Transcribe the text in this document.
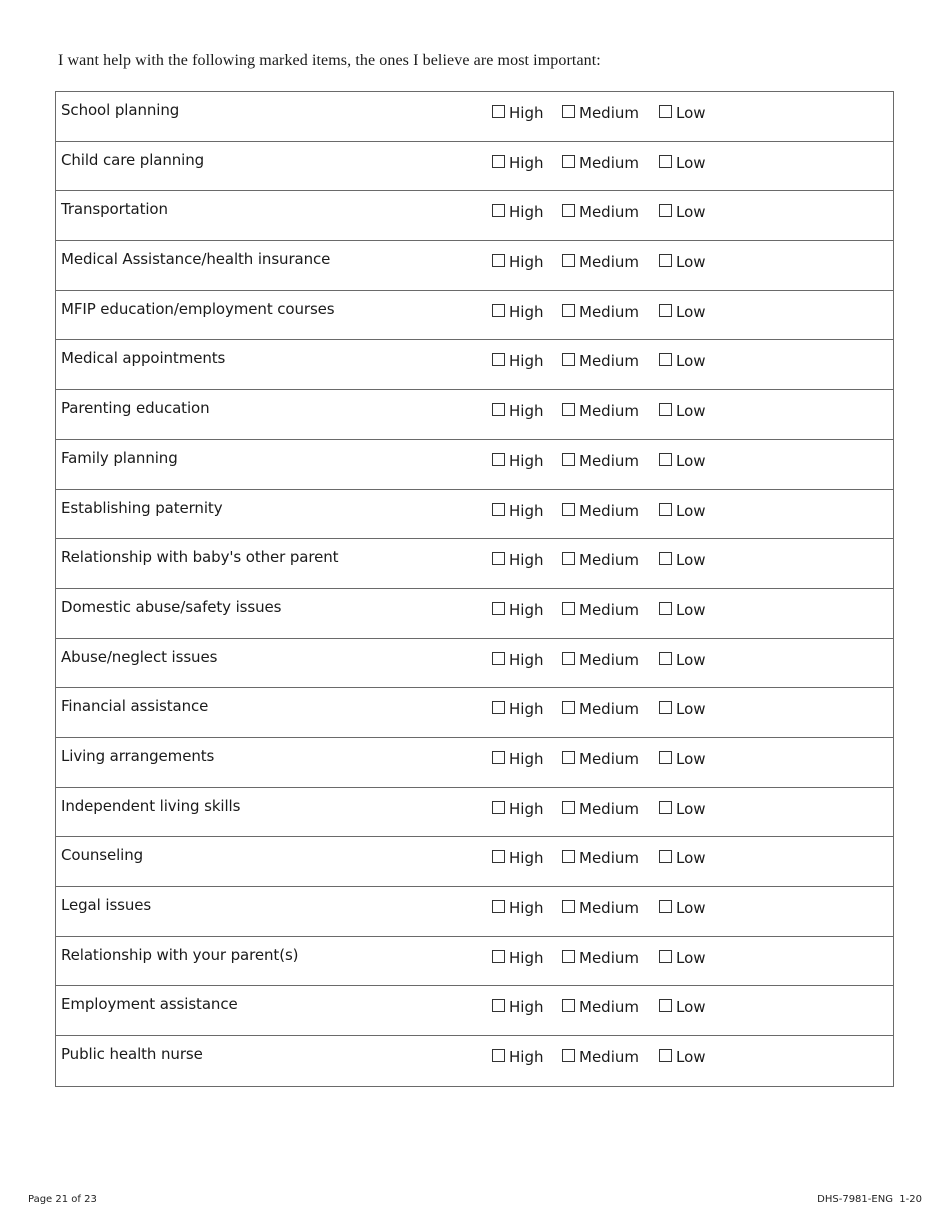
I want help with the following marked items, the ones I believe are most important:
School planning	High Medium Low
Child care planning	High Medium Low
Transportation	High Medium Low
Medical Assistance/health insurance	High Medium Low
MFIP education/employment courses	High Medium Low
Medical appointments	High Medium Low
Parenting education	High Medium Low
Family planning	High Medium Low
Establishing paternity	High Medium Low
Relationship with baby's other parent	High Medium Low
Domestic abuse/safety issues	High Medium Low
Abuse/neglect issues	High Medium Low
Financial assistance	High Medium Low
Living arrangements	High Medium Low
Independent living skills	High Medium Low
Counseling	High Medium Low
Legal issues	High Medium Low
Relationship with your parent(s)	High Medium Low
Employment assistance	High Medium Low
Public health nurse	High Medium Low
Page 21 of 23	DHS-7981-ENG  1-20
